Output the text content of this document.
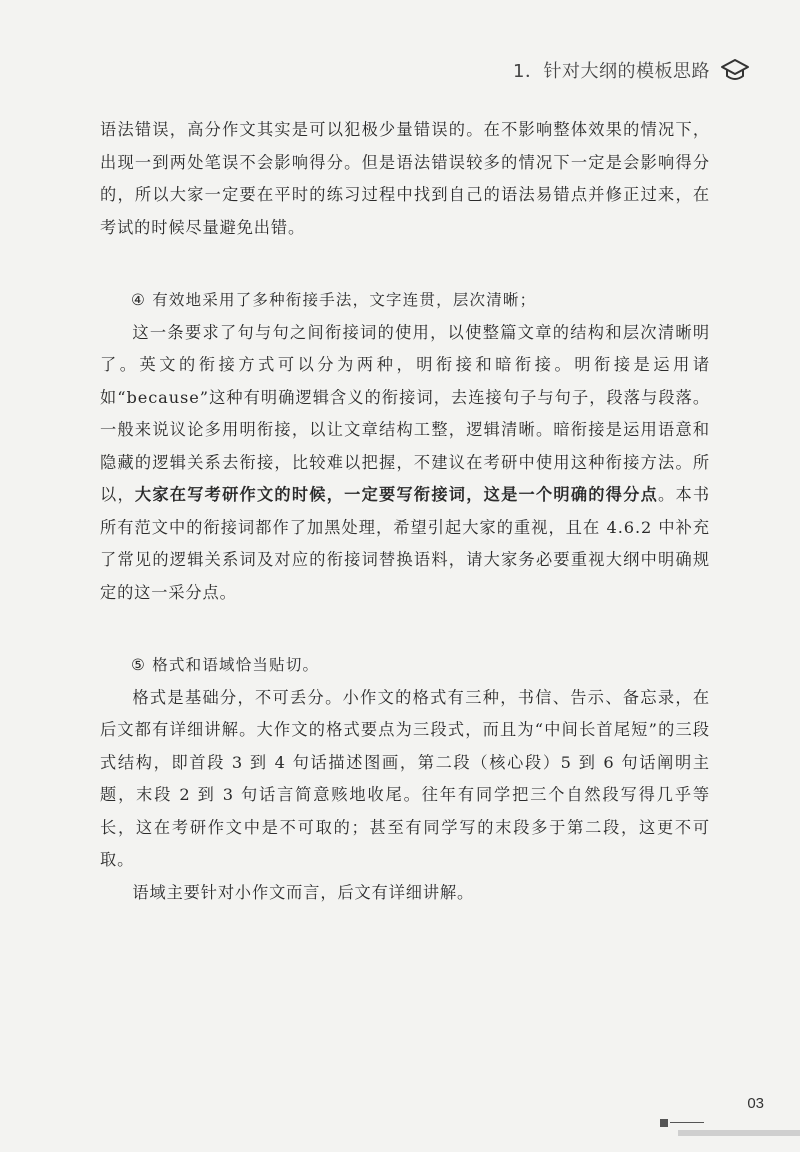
1．针对大纲的模板思路

语法错误，高分作文其实是可以犯极少量错误的。在不影响整体效果的情况下，出现一到两处笔误不会影响得分。但是语法错误较多的情况下一定是会影响得分的，所以大家一定要在平时的练习过程中找到自己的语法易错点并修正过来，在考试的时候尽量避免出错。

④ 有效地采用了多种衔接手法，文字连贯，层次清晰；

这一条要求了句与句之间衔接词的使用，以使整篇文章的结构和层次清晰明了。英文的衔接方式可以分为两种，明衔接和暗衔接。明衔接是运用诸如“because”这种有明确逻辑含义的衔接词，去连接句子与句子，段落与段落。一般来说议论多用明衔接，以让文章结构工整，逻辑清晰。暗衔接是运用语意和隐藏的逻辑关系去衔接，比较难以把握，不建议在考研中使用这种衔接方法。所以，大家在写考研作文的时候，一定要写衔接词，这是一个明确的得分点。本书所有范文中的衔接词都作了加黑处理，希望引起大家的重视，且在 4.6.2 中补充了常见的逻辑关系词及对应的衔接词替换语料，请大家务必要重视大纲中明确规定的这一采分点。

⑤ 格式和语域恰当贴切。

格式是基础分，不可丢分。小作文的格式有三种，书信、告示、备忘录，在后文都有详细讲解。大作文的格式要点为三段式，而且为“中间长首尾短”的三段式结构，即首段 3 到 4 句话描述图画，第二段（核心段）5 到 6 句话阐明主题，末段 2 到 3 句话言简意赅地收尾。往年有同学把三个自然段写得几乎等长，这在考研作文中是不可取的；甚至有同学写的末段多于第二段，这更不可取。

语域主要针对小作文而言，后文有详细讲解。

03
